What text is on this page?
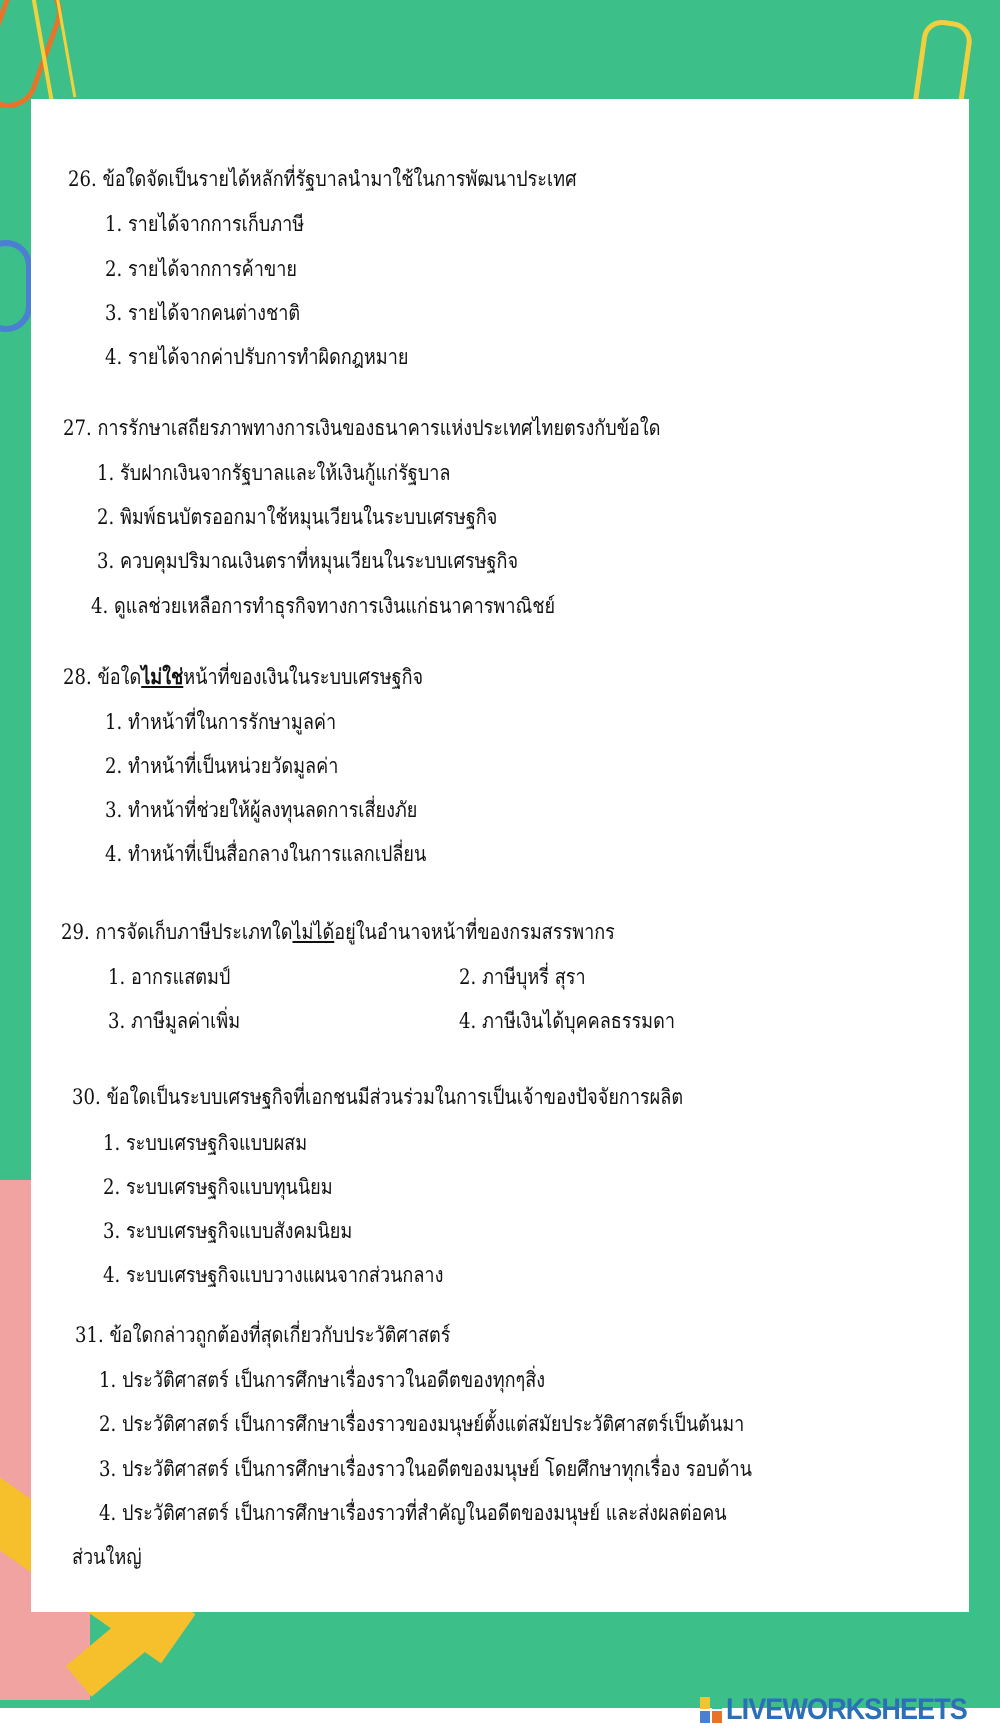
26. ข้อใดจัดเป็นรายได้หลักที่รัฐบาลนำมาใช้ในการพัฒนาประเทศ
1. รายได้จากการเก็บภาษี
2. รายได้จากการค้าขาย
3. รายได้จากคนต่างชาติ
4. รายได้จากค่าปรับการทำผิดกฎหมาย
27. การรักษาเสถียรภาพทางการเงินของธนาคารแห่งประเทศไทยตรงกับข้อใด
1. รับฝากเงินจากรัฐบาลและให้เงินกู้แก่รัฐบาล
2. พิมพ์ธนบัตรออกมาใช้หมุนเวียนในระบบเศรษฐกิจ
3. ควบคุมปริมาณเงินตราที่หมุนเวียนในระบบเศรษฐกิจ
4. ดูแลช่วยเหลือการทำธุรกิจทางการเงินแก่ธนาคารพาณิชย์
28. ข้อใดไม่ใช่หน้าที่ของเงินในระบบเศรษฐกิจ
1. ทำหน้าที่ในการรักษามูลค่า
2. ทำหน้าที่เป็นหน่วยวัดมูลค่า
3. ทำหน้าที่ช่วยให้ผู้ลงทุนลดการเสี่ยงภัย
4. ทำหน้าที่เป็นสื่อกลางในการแลกเปลี่ยน
29. การจัดเก็บภาษีประเภทใดไม่ได้อยู่ในอำนาจหน้าที่ของกรมสรรพากร
1. อากรแสตมป์	2. ภาษีบุหรี่ สุรา
3. ภาษีมูลค่าเพิ่ม	4. ภาษีเงินได้บุคคลธรรมดา
30. ข้อใดเป็นระบบเศรษฐกิจที่เอกชนมีส่วนร่วมในการเป็นเจ้าของปัจจัยการผลิต
1. ระบบเศรษฐกิจแบบผสม
2. ระบบเศรษฐกิจแบบทุนนิยม
3. ระบบเศรษฐกิจแบบสังคมนิยม
4. ระบบเศรษฐกิจแบบวางแผนจากส่วนกลาง
31. ข้อใดกล่าวถูกต้องที่สุดเกี่ยวกับประวัติศาสตร์
1. ประวัติศาสตร์ เป็นการศึกษาเรื่องราวในอดีตของทุกๆสิ่ง
2. ประวัติศาสตร์ เป็นการศึกษาเรื่องราวของมนุษย์ตั้งแต่สมัยประวัติศาสตร์เป็นต้นมา
3. ประวัติศาสตร์ เป็นการศึกษาเรื่องราวในอดีตของมนุษย์ โดยศึกษาทุกเรื่อง รอบด้าน
4. ประวัติศาสตร์ เป็นการศึกษาเรื่องราวที่สำคัญในอดีตของมนุษย์ และส่งผลต่อคน
ส่วนใหญ่
LIVEWORKSHEETS
